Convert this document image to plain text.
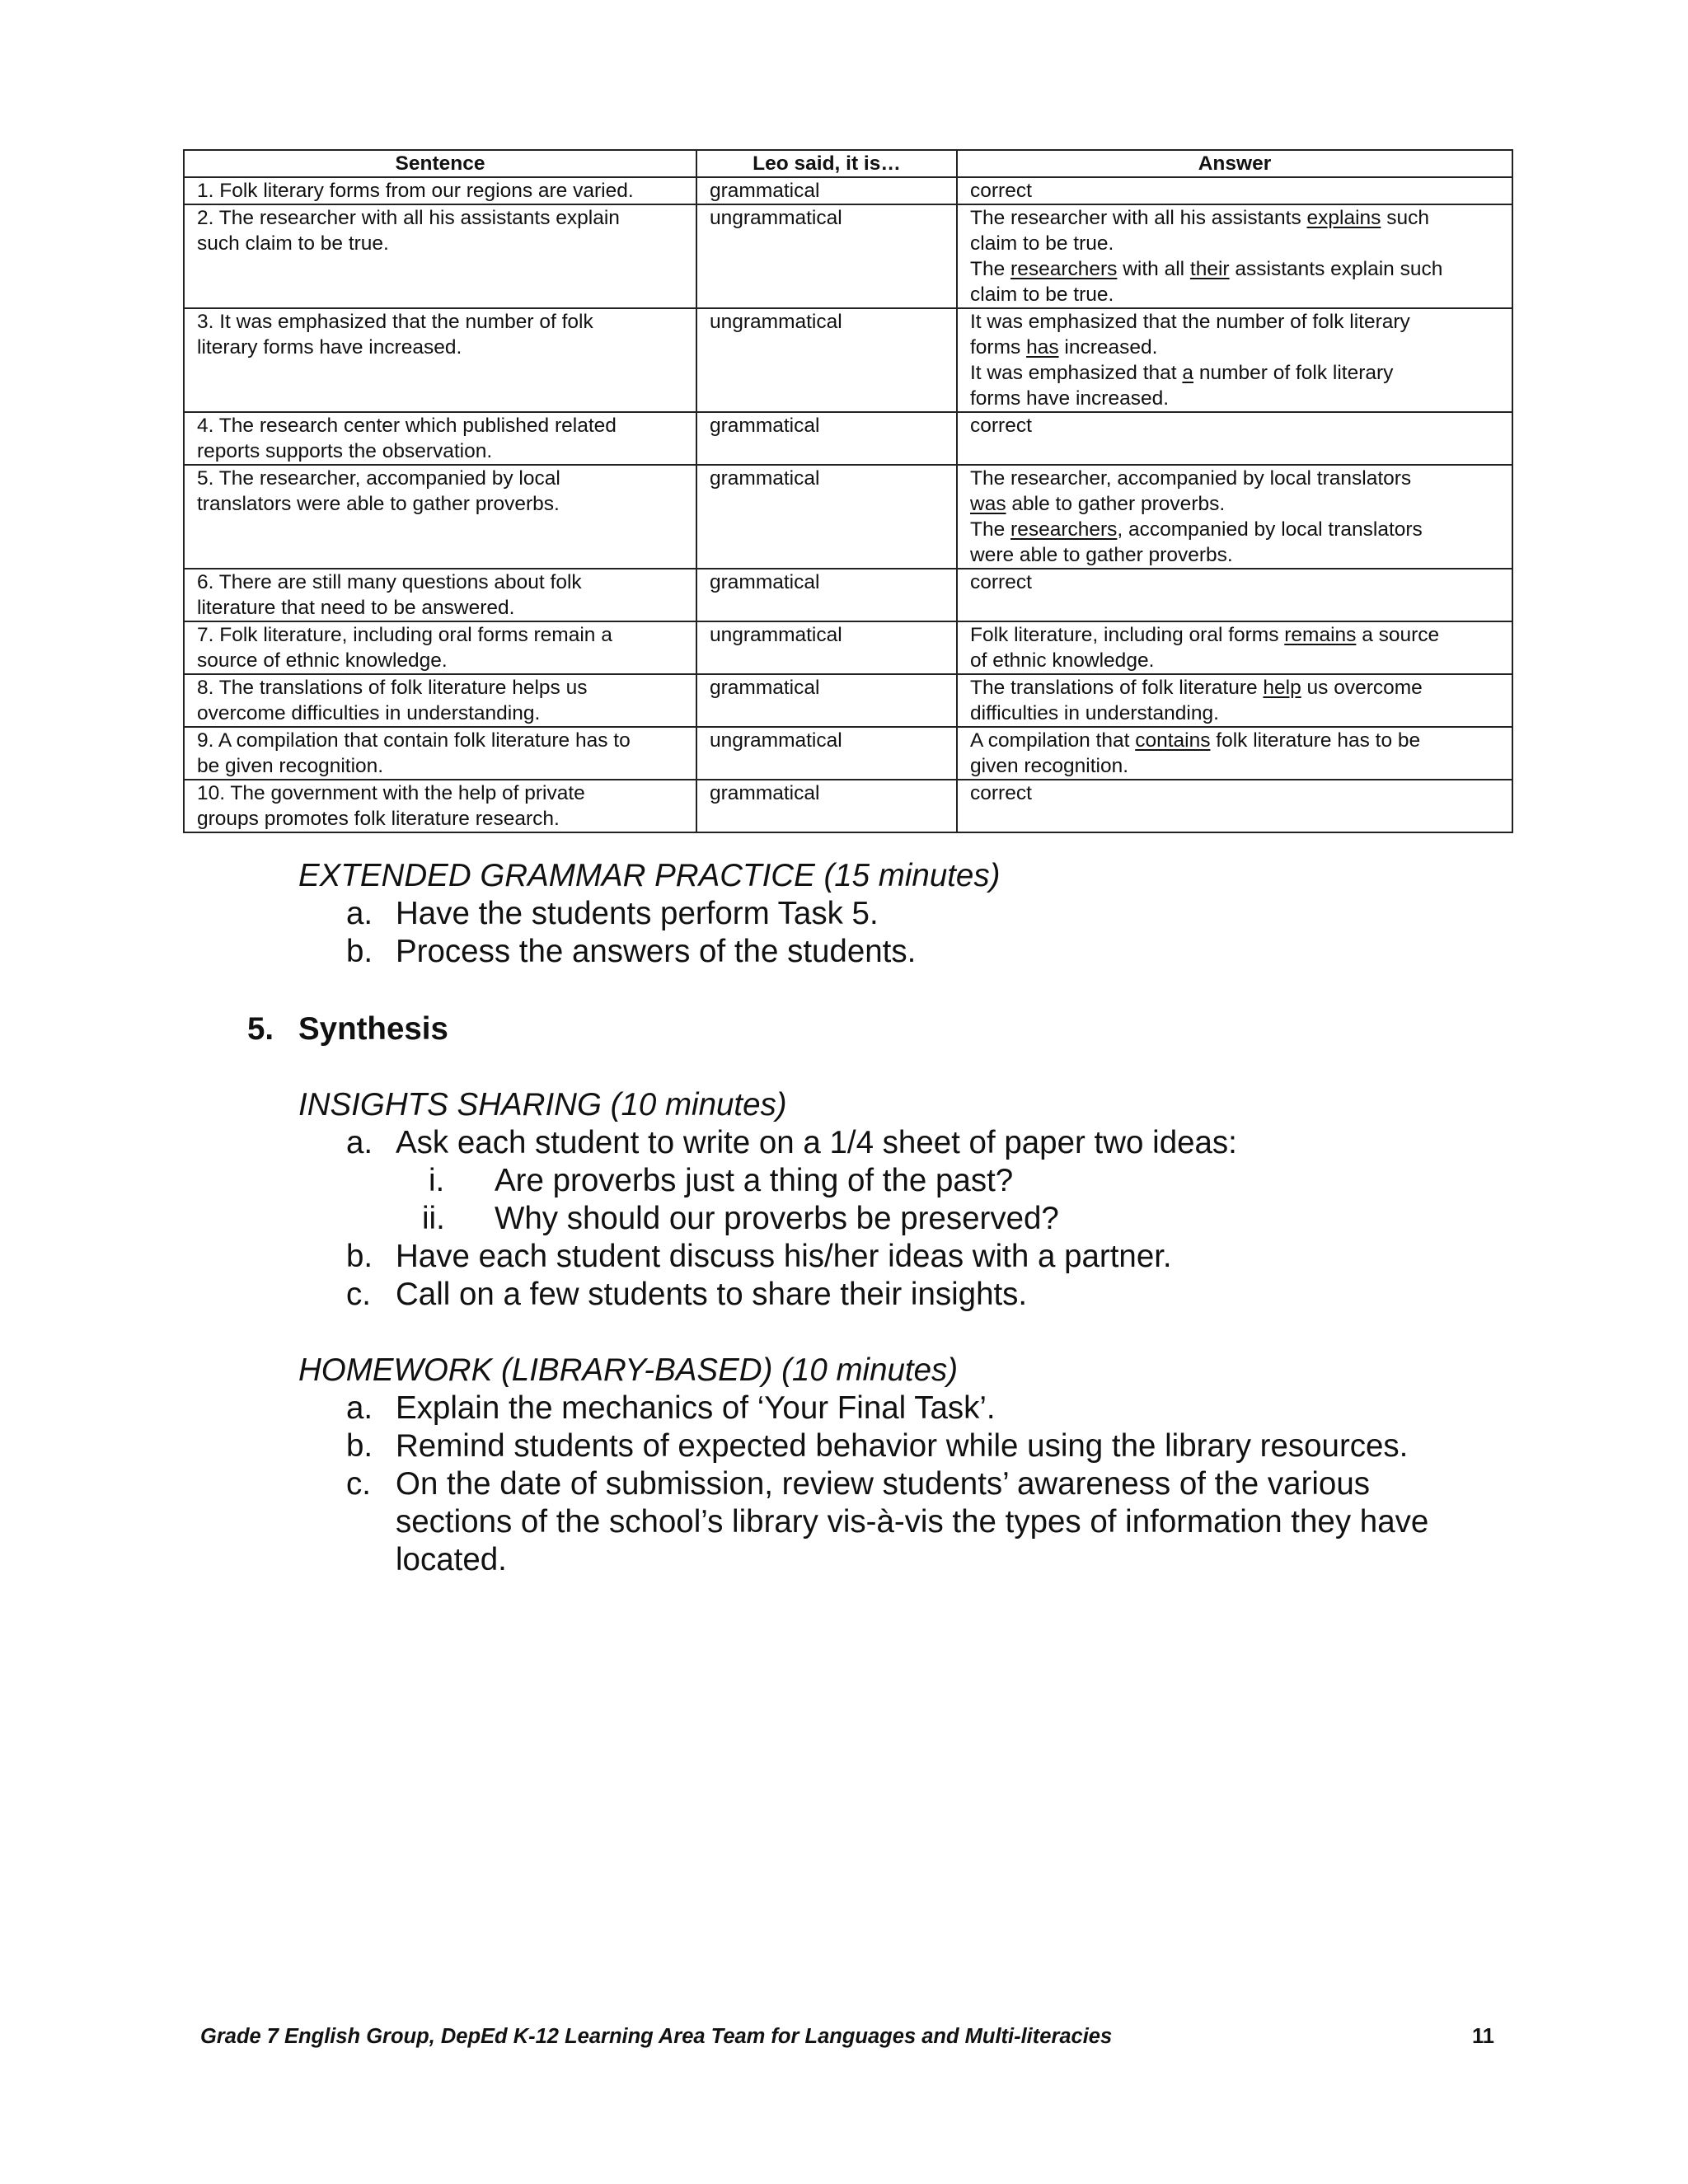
Sentence	Leo said, it is…	Answer

1. Folk literary forms from our regions are varied.	grammatical	correct

2. The researcher with all his assistants explain
such claim to be true.	ungrammatical	The researcher with all his assistants explains such
claim to be true.
The researchers with all their assistants explain such
claim to be true.

3. It was emphasized that the number of folk
literary forms have increased.	ungrammatical	It was emphasized that the number of folk literary
forms has increased.
It was emphasized that a number of folk literary
forms have increased.

4. The research center which published related
reports supports the observation.	grammatical	correct

5. The researcher, accompanied by local
translators were able to gather proverbs.	grammatical	The researcher, accompanied by local translators
was able to gather proverbs.
The researchers, accompanied by local translators
were able to gather proverbs.

6. There are still many questions about folk
literature that need to be answered.	grammatical	correct

7. Folk literature, including oral forms remain a
source of ethnic knowledge.	ungrammatical	Folk literature, including oral forms remains a source
of ethnic knowledge.

8. The translations of folk literature helps us
overcome difficulties in understanding.	grammatical	The translations of folk literature help us overcome
difficulties in understanding.

9. A compilation that contain folk literature has to
be given recognition.	ungrammatical	A compilation that contains folk literature has to be
given recognition.

10. The government with the help of private
groups promotes folk literature research.	grammatical	correct
EXTENDED GRAMMAR PRACTICE (15 minutes)
a. Have the students perform Task 5.
b. Process the answers of the students.
5. Synthesis
INSIGHTS SHARING (10 minutes)
a. Ask each student to write on a 1/4 sheet of paper two ideas:
i. Are proverbs just a thing of the past?
ii. Why should our proverbs be preserved?
b. Have each student discuss his/her ideas with a partner.
c. Call on a few students to share their insights.
HOMEWORK (LIBRARY-BASED) (10 minutes)
a. Explain the mechanics of ‘Your Final Task’.
b. Remind students of expected behavior while using the library resources.
c. On the date of submission, review students’ awareness of the various
sections of the school’s library vis-à-vis the types of information they have
located.
Grade 7 English Group, DepEd K-12 Learning Area Team for Languages and Multi-literacies	11
